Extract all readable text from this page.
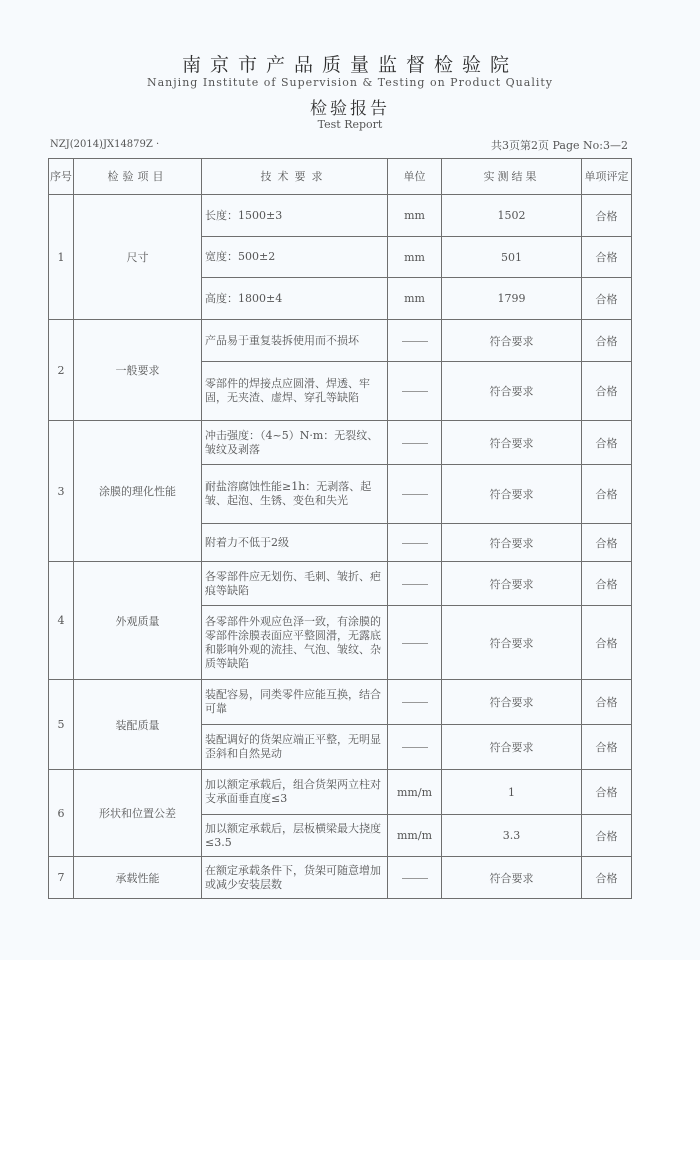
南京市产品质量监督检验院
Nanjing Institute of Supervision & Testing on Product Quality
检验报告
Test Report
NZJ(2014)JX14879Z ·	共3页第2页 Page No:3—2
序号	检验项目	技术要求	单位	实测结果	单项评定
1	尺寸	长度：1500±3	mm	1502	合格
		宽度：500±2	mm	501	合格
		高度：1800±4	mm	1799	合格
2	一般要求	产品易于重复装拆使用而不损坏		符合要求	合格
		零部件的焊接点应圆滑、焊透、牢固，无夹渣、虚焊、穿孔等缺陷		符合要求	合格
3	涂膜的理化性能	冲击强度：（4~5）N·m：无裂纹、皱纹及剥落		符合要求	合格
		耐盐溶腐蚀性能≥1h：无剥落、起皱、起泡、生锈、变色和失光		符合要求	合格
		附着力不低于2级		符合要求	合格
4	外观质量	各零部件应无划伤、毛刺、皱折、疤痕等缺陷		符合要求	合格
		各零部件外观应色泽一致，有涂膜的零部件涂膜表面应平整圆滑，无露底和影响外观的流挂、气泡、皱纹、杂质等缺陷		符合要求	合格
5	装配质量	装配容易，同类零件应能互换，结合可靠		符合要求	合格
		装配调好的货架应端正平整，无明显歪斜和自然晃动		符合要求	合格
6	形状和位置公差	加以额定承载后，组合货架两立柱对支承面垂直度≤3	mm/m	1	合格
		加以额定承载后，层板横梁最大挠度≤3.5	mm/m	3.3	合格
7	承载性能	在额定承载条件下，货架可随意增加或减少安装层数		符合要求	合格
